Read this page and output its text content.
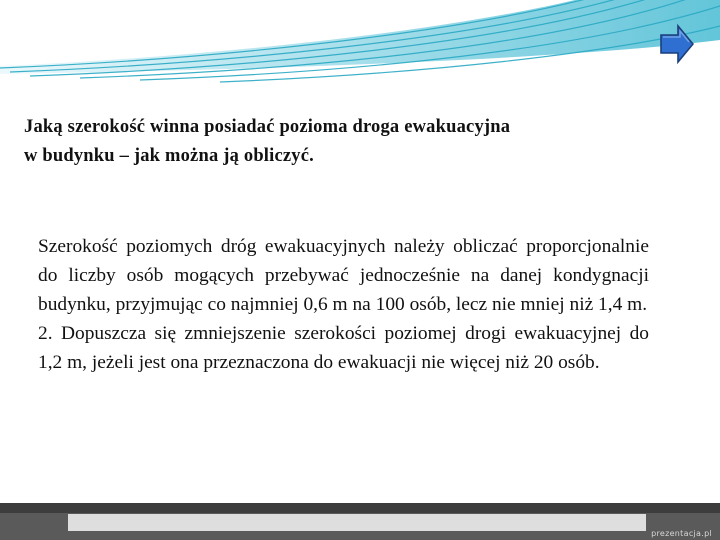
Jaką szerokość winna posiadać pozioma droga ewakuacyjna
w budynku – jak można ją obliczyć.

Szerokość poziomych dróg ewakuacyjnych należy obliczać proporcjonalnie do liczby osób mogących przebywać jednocześnie na danej kondygnacji budynku, przyjmując co najmniej 0,6 m na 100 osób, lecz nie mniej niż 1,4 m.

2. Dopuszcza się zmniejszenie szerokości poziomej drogi ewakuacyjnej do 1,2 m, jeżeli jest ona przeznaczona do ewakuacji nie więcej niż 20 osób.

prezentacja.pl
